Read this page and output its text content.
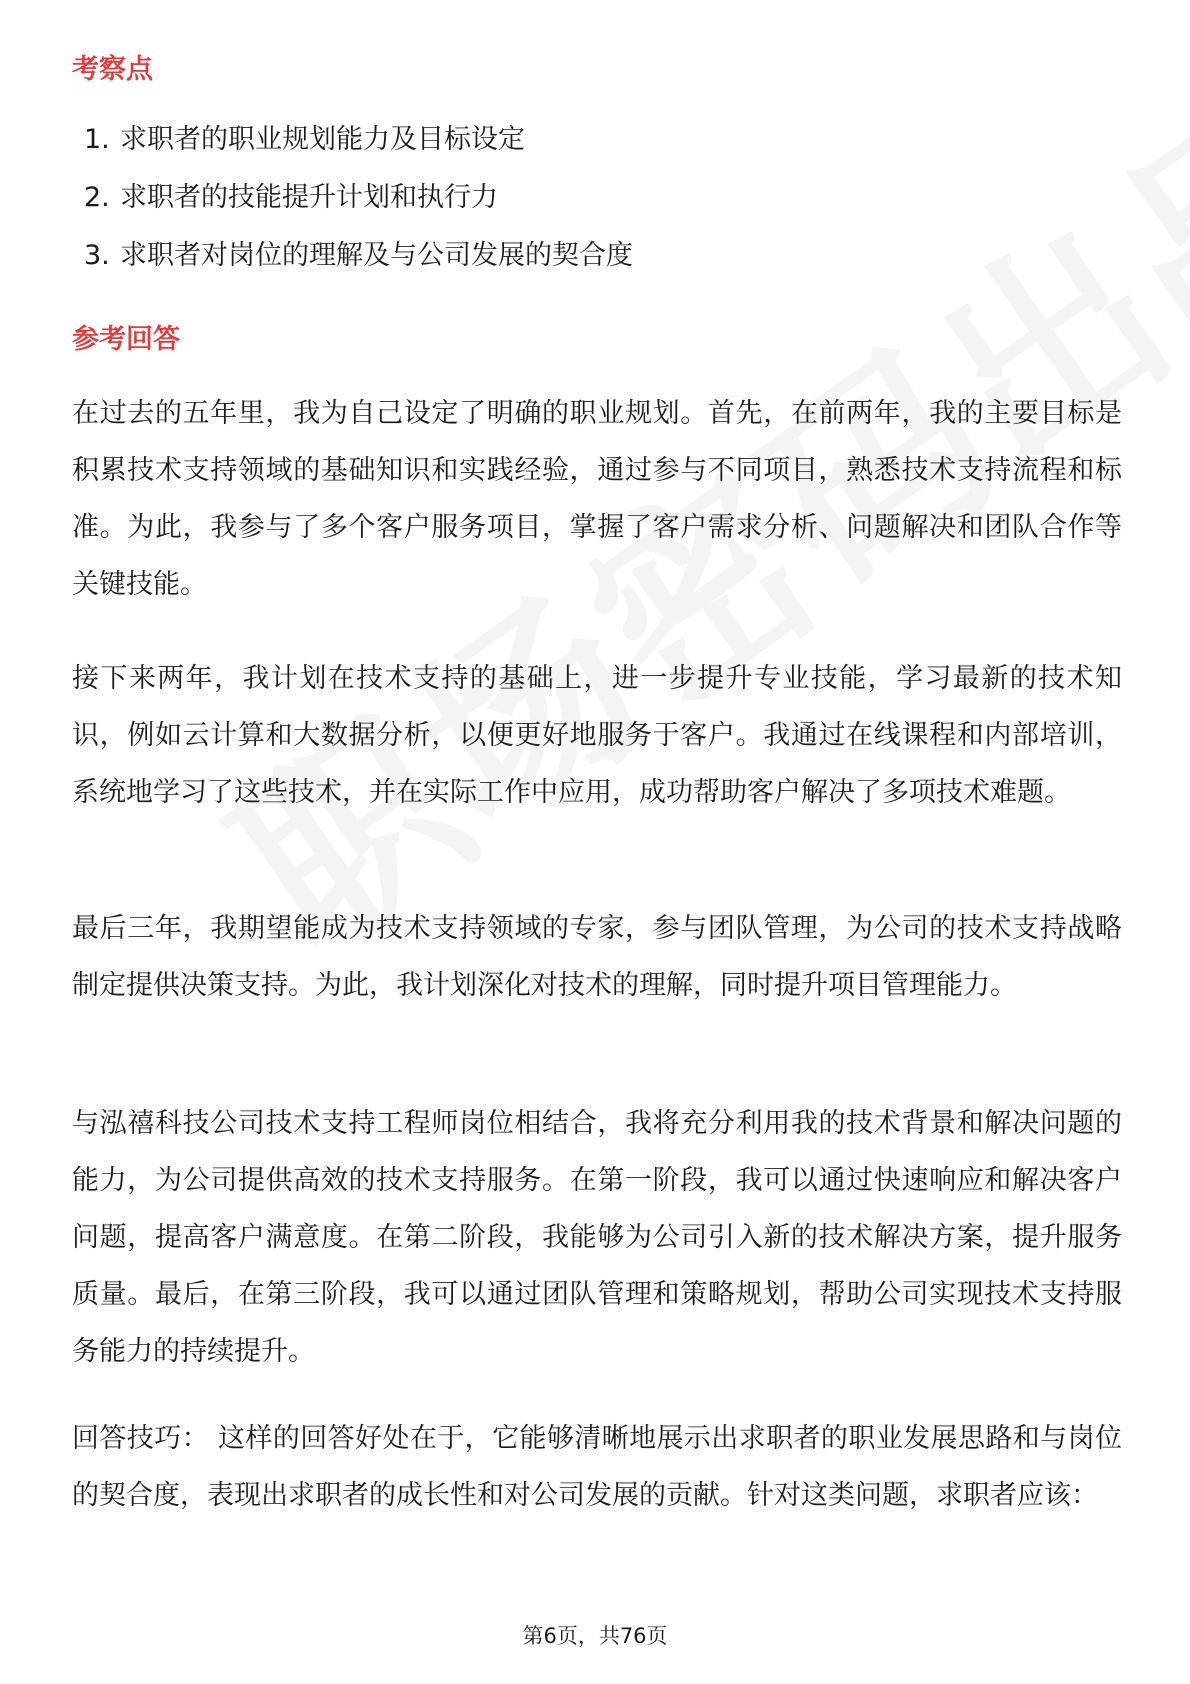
考察点
1. 求职者的职业规划能力及目标设定
2. 求职者的技能提升计划和执行力
3. 求职者对岗位的理解及与公司发展的契合度
参考回答

在过去的五年里，我为自己设定了明确的职业规划。首先，在前两年，我的主要目标是积累技术支持领域的基础知识和实践经验，通过参与不同项目，熟悉技术支持流程和标准。为此，我参与了多个客户服务项目，掌握了客户需求分析、问题解决和团队合作等关键技能。

接下来两年，我计划在技术支持的基础上，进一步提升专业技能，学习最新的技术知识，例如云计算和大数据分析，以便更好地服务于客户。我通过在线课程和内部培训，系统地学习了这些技术，并在实际工作中应用，成功帮助客户解决了多项技术难题。

最后三年，我期望能成为技术支持领域的专家，参与团队管理，为公司的技术支持战略制定提供决策支持。为此，我计划深化对技术的理解，同时提升项目管理能力。

与泓禧科技公司技术支持工程师岗位相结合，我将充分利用我的技术背景和解决问题的能力，为公司提供高效的技术支持服务。在第一阶段，我可以通过快速响应和解决客户问题，提高客户满意度。在第二阶段，我能够为公司引入新的技术解决方案，提升服务质量。最后，在第三阶段，我可以通过团队管理和策略规划，帮助公司实现技术支持服务能力的持续提升。

回答技巧： 这样的回答好处在于，它能够清晰地展示出求职者的职业发展思路和与岗位的契合度，表现出求职者的成长性和对公司发展的贡献。针对这类问题，求职者应该：

第6页，共76页
